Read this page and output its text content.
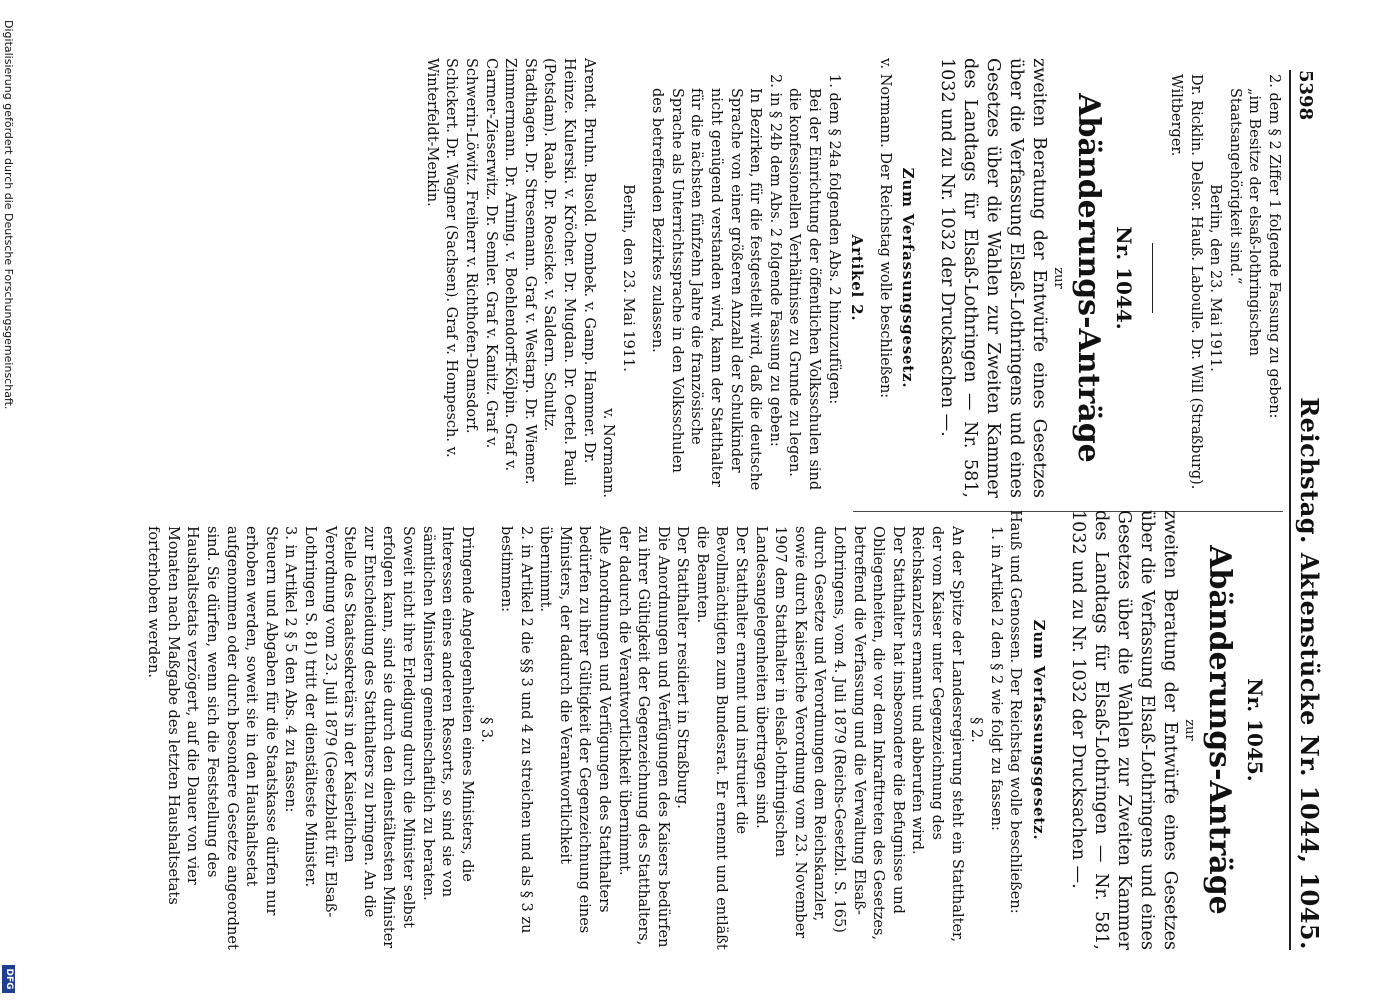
5398
Reichstag. Aktenstücke Nr. 1044, 1045.

2. dem § 2 Ziffer 1 folgende Fassung zu geben:

„im Besitze der elsaß-lothringischen Staatsangehörigkeit sind.“

Berlin, den 23. Mai 1911.

Dr. Ricklin. Delsor. Hauß. Laboulle. Dr. Will (Straßburg). Wiltberger.

Nr. 1044.

Abänderungs-Anträge

zur

zweiten Beratung der Entwürfe eines Gesetzes über die Verfassung Elsaß-Lothringens und eines Gesetzes über die Wahlen zur Zweiten Kammer des Landtags für Elsaß-Lothringen — Nr. 581, 1032 und zu Nr. 1032 der Drucksachen —.

Zum Verfassungsgesetz.

v. Normann. Der Reichstag wolle beschließen:

Artikel 2.

1. dem § 24a folgenden Abs. 2 hinzuzufügen:

Bei der Einrichtung der öffentlichen Volksschulen sind die konfessionellen Verhältnisse zu Grunde zu legen.

2. in § 24b dem Abs. 2 folgende Fassung zu geben:

In Bezirken, für die festgestellt wird, daß die deutsche Sprache von einer größeren Anzahl der Schulkinder nicht genügend verstanden wird, kann der Statthalter für die nächsten fünfzehn Jahre die französische Sprache als Unterrichtssprache in den Volksschulen des betreffenden Bezirkes zulassen.

Berlin, den 23. Mai 1911.

v. Normann.

Arendt. Bruhn. Busold. Dombek. v. Gamp. Hammer. Dr. Heinze. Kulerski. v. Kröcher. Dr. Mugdan. Dr. Oertel. Pauli (Potsdam). Raab. Dr. Roesicke. v. Saldern. Schultz. Stadthagen. Dr. Stresemann. Graf v. Westarp. Dr. Wiemer. Zimmermann. Dr. Arning. v. Boehlendorff-Kölpin. Graf v. Carmer-Zieserwitz. Dr. Semler. Graf v. Kanitz. Graf v. Schwerin-Löwitz. Freiherr v. Richthofen-Damsdorf. Schickert. Dr. Wagner (Sachsen). Graf v. Hompesch. v. Winterfeldt-Menkin.

Nr. 1045.

Abänderungs-Anträge

zur

zweiten Beratung der Entwürfe eines Gesetzes über die Verfassung Elsaß-Lothringens und eines Gesetzes über die Wahlen zur Zweiten Kammer des Landtags für Elsaß-Lothringen — Nr. 581, 1032 und zu Nr. 1032 der Drucksachen —.

Zum Verfassungsgesetz.

Hauß und Genossen. Der Reichstag wolle beschließen:

1. in Artikel 2 den § 2 wie folgt zu fassen:

§ 2.

An der Spitze der Landesregierung steht ein Statthalter, der vom Kaiser unter Gegenzeichnung des Reichskanzlers ernannt und abberufen wird.

Der Statthalter hat insbesondere die Befugnisse und Obliegenheiten, die vor dem Inkrafttreten des Gesetzes, betreffend die Verfassung und die Verwaltung Elsaß-Lothringens, vom 4. Juli 1879 (Reichs-Gesetzbl. S. 165) durch Gesetze und Verordnungen dem Reichskanzler, sowie durch Kaiserliche Verordnung vom 23. November 1907 dem Statthalter in elsaß-lothringischen Landesangelegenheiten übertragen sind.

Der Statthalter ernennt und instruiert die Bevollmächtigten zum Bundesrat. Er ernennt und entläßt die Beamten.

Der Statthalter residiert in Straßburg.

Die Anordnungen und Verfügungen des Kaisers bedürfen zu ihrer Gültigkeit der Gegenzeichnung des Statthalters, der dadurch die Verantwortlichkeit übernimmt.

Alle Anordnungen und Verfügungen des Statthalters bedürfen zu ihrer Gültigkeit der Gegenzeichnung eines Ministers, der dadurch die Verantwortlichkeit übernimmt.

2. in Artikel 2 die §§ 3 und 4 zu streichen und als § 3 zu bestimmen:

§ 3.

Dringende Angelegenheiten eines Ministers, die Interessen eines anderen Ressorts, so sind sie von sämtlichen Ministern gemeinschaftlich zu beraten. Soweit nicht ihre Erledigung durch die Minister selbst erfolgen kann, sind sie durch den dienstältesten Minister zur Entscheidung des Statthalters zu bringen. An die Stelle des Staatssekretärs in der Kaiserlichen Verordnung vom 23. Juli 1879 (Gesetzblatt für Elsaß-Lothringen S. 81) tritt der dienstälteste Minister.

3. in Artikel 2 § 5 den Abs. 4 zu fassen:

Steuern und Abgaben für die Staatskasse dürfen nur erhoben werden, soweit sie in den Haushaltsetat aufgenommen oder durch besondere Gesetze angeordnet sind. Sie dürfen, wenn sich die Feststellung des Haushaltsetats verzögert, auf die Dauer von vier Monaten nach Maßgabe des letzten Haushaltsetats forterhoben werden.

Digitalisierung gefördert durch die Deutsche Forschungsgemeinschaft.
DFG
